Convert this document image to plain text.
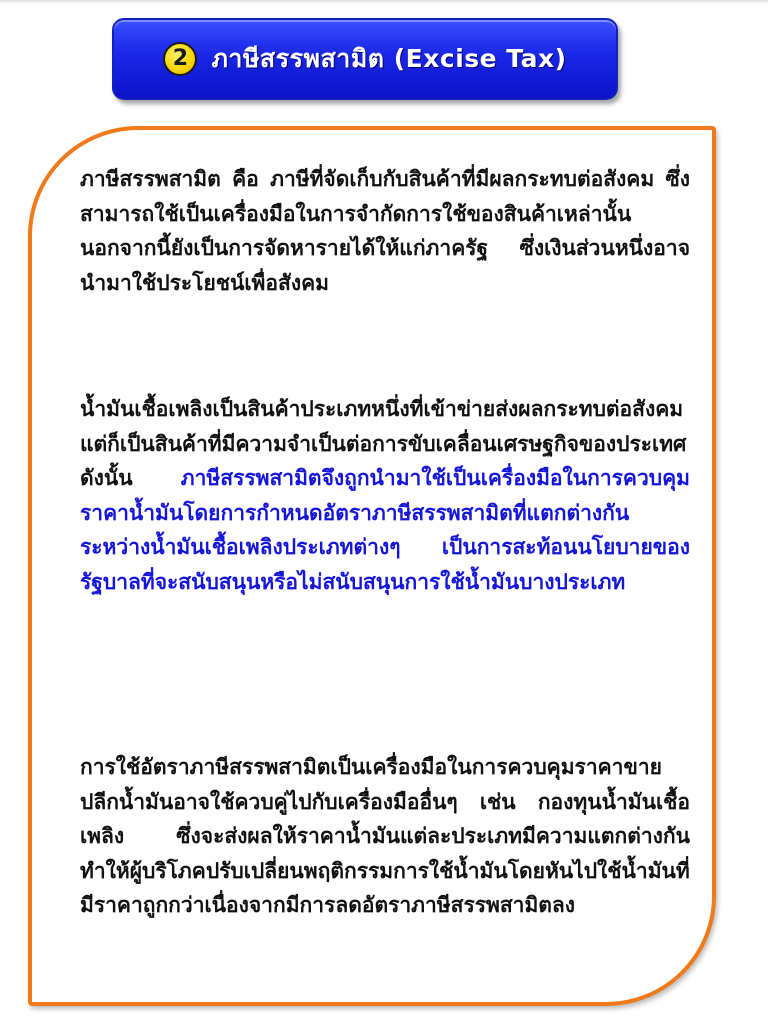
2 ภาษีสรรพสามิต (Excise Tax)

ภาษีสรรพสามิต คือ ภาษีที่จัดเก็บกับสินค้าที่มีผลกระทบต่อสังคม ซึ่งสามารถใช้เป็นเครื่องมือในการจำกัดการใช้ของสินค้าเหล่านั้น นอกจากนี้ยังเป็นการจัดหารายได้ให้แก่ภาครัฐ ซึ่งเงินส่วนหนึ่งอาจนำมาใช้ประโยชน์เพื่อสังคม

น้ำมันเชื้อเพลิงเป็นสินค้าประเภทหนึ่งที่เข้าข่ายส่งผลกระทบต่อสังคม แต่ก็เป็นสินค้าที่มีความจำเป็นต่อการขับเคลื่อนเศรษฐกิจของประเทศ ดังนั้น ภาษีสรรพสามิตจึงถูกนำมาใช้เป็นเครื่องมือในการควบคุมราคาน้ำมันโดยการกำหนดอัตราภาษีสรรพสามิตที่แตกต่างกันระหว่างน้ำมันเชื้อเพลิงประเภทต่างๆ เป็นการสะท้อนนโยบายของรัฐบาลที่จะสนับสนุนหรือไม่สนับสนุนการใช้น้ำมันบางประเภท

การใช้อัตราภาษีสรรพสามิตเป็นเครื่องมือในการควบคุมราคาขายปลีกน้ำมันอาจใช้ควบคู่ไปกับเครื่องมืออื่นๆ เช่น กองทุนน้ำมันเชื้อเพลิง ซึ่งจะส่งผลให้ราคาน้ำมันแต่ละประเภทมีความแตกต่างกันทำให้ผู้บริโภคปรับเปลี่ยนพฤติกรรมการใช้น้ำมันโดยหันไปใช้น้ำมันที่มีราคาถูกกว่าเนื่องจากมีการลดอัตราภาษีสรรพสามิตลง
